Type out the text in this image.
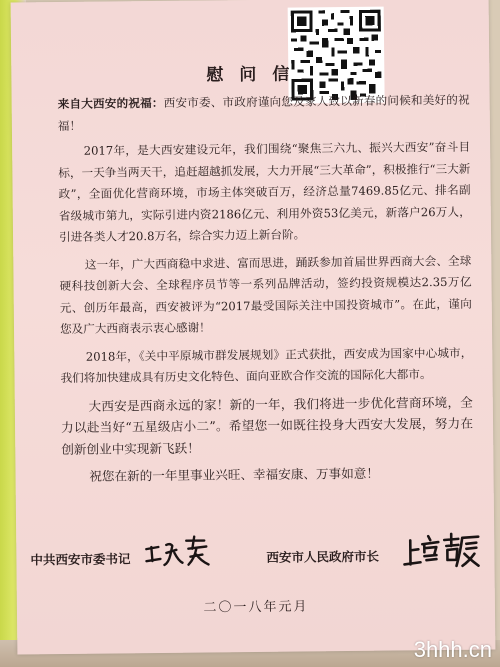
慰 问 信

来自大西安的祝福：西安市委、市政府谨向您及家人致以新春的问候和美好的祝福！

2017年，是大西安建设元年，我们围绕“聚焦三六九、振兴大西安”奋斗目标，一天争当两天干，追赶超越抓发展，大力开展“三大革命”，积极推行“三大新政”，全面优化营商环境，市场主体突破百万，经济总量7469.85亿元、排名副省级城市第九，实际引进内资2186亿元、利用外资53亿美元，新落户26万人，引进各类人才20.8万名，综合实力迈上新台阶。

这一年，广大西商稳中求进、富而思进，踊跃参加首届世界西商大会、全球硬科技创新大会、全球程序员节等一系列品牌活动，签约投资规模达2.35万亿元、创历年最高，西安被评为“2017最受国际关注中国投资城市”。在此，谨向您及广大西商表示衷心感谢！

2018年，《关中平原城市群发展规划》正式获批，西安成为国家中心城市，我们将加快建成具有历史文化特色、面向亚欧合作交流的国际化大都市。

大西安是西商永远的家！新的一年，我们将进一步优化营商环境，全力以赴当好“五星级店小二”。希望您一如既往投身大西安大发展，努力在创新创业中实现新飞跃！

祝您在新的一年里事业兴旺、幸福安康、万事如意！

中共西安市委书记	西安市人民政府市长
二〇一八年元月
3hhh.cn
